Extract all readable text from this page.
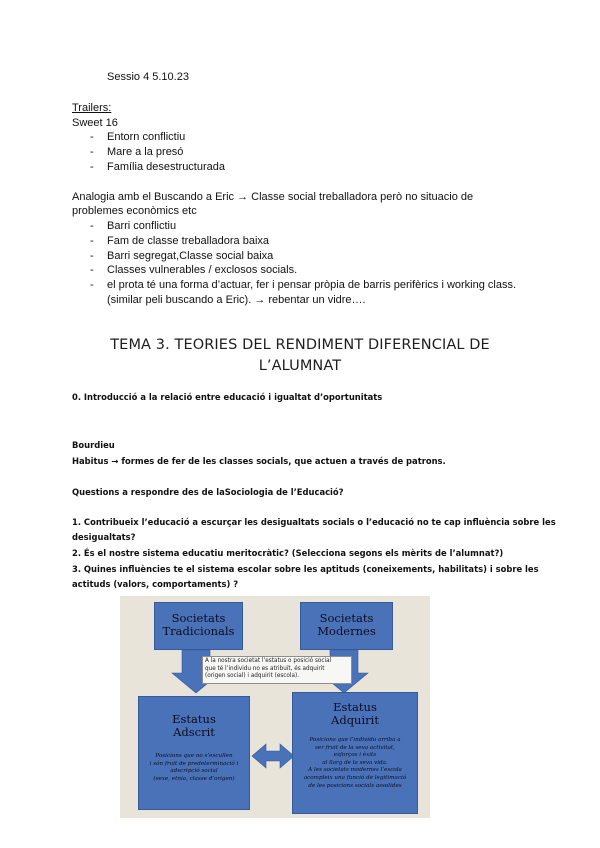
Sessio 4 5.10.23
Trailers:
Sweet 16
- Entorn conflictiu
- Mare a la presó
- Família desestructurada
Analogia amb el Buscando a Eric → Classe social treballadora però no situacio de
problemes econòmics etc
- Barri conflictiu
- Fam de classe treballadora baixa
- Barri segregat,Classe social baixa
- Classes vulnerables / exclosos socials.
- el prota té una forma d’actuar, fer i pensar pròpia de barris perifèrics i working class.
(similar peli buscando a Eric). → rebentar un vidre….
TEMA 3. TEORIES DEL RENDIMENT DIFERENCIAL DE
L’ALUMNAT
0. Introducció a la relació entre educació i igualtat d’oportunitats
Bourdieu
Habitus → formes de fer de les classes socials, que actuen a través de patrons.
Questions a respondre des de laSociologia de l’Educació?
1. Contribueix l’educació a escurçar les desigualtats socials o l’educació no te cap influència sobre les
desigualtats?
2. És el nostre sistema educatiu meritocràtic? (Selecciona segons els mèrits de l’alumnat?)
3. Quines influències te el sistema escolar sobre les aptituds (coneixements, habilitats) i sobre les
actituds (valors, comportaments) ?
Societats
Tradicionals
Societats
Modernes
A la nostra societat l’estatus o posició social
que té l’individu no es atribuït, és adquirit
(origen social) i adquirit (escola).
Estatus
Adscrit
Posicions que no s’escullen
i són fruit de predeterminació i
adscripció social
(sexe, etnia, classe d’origen)
Estatus
Adquirit
Posicions que l’individu arriba a
ser fruit de la seva activitat,
esforços i èxits
al llarg de la seva vida.
A les societats modernes l’escola
acompleix una funció de legitimació
de les posicions socials assolides
